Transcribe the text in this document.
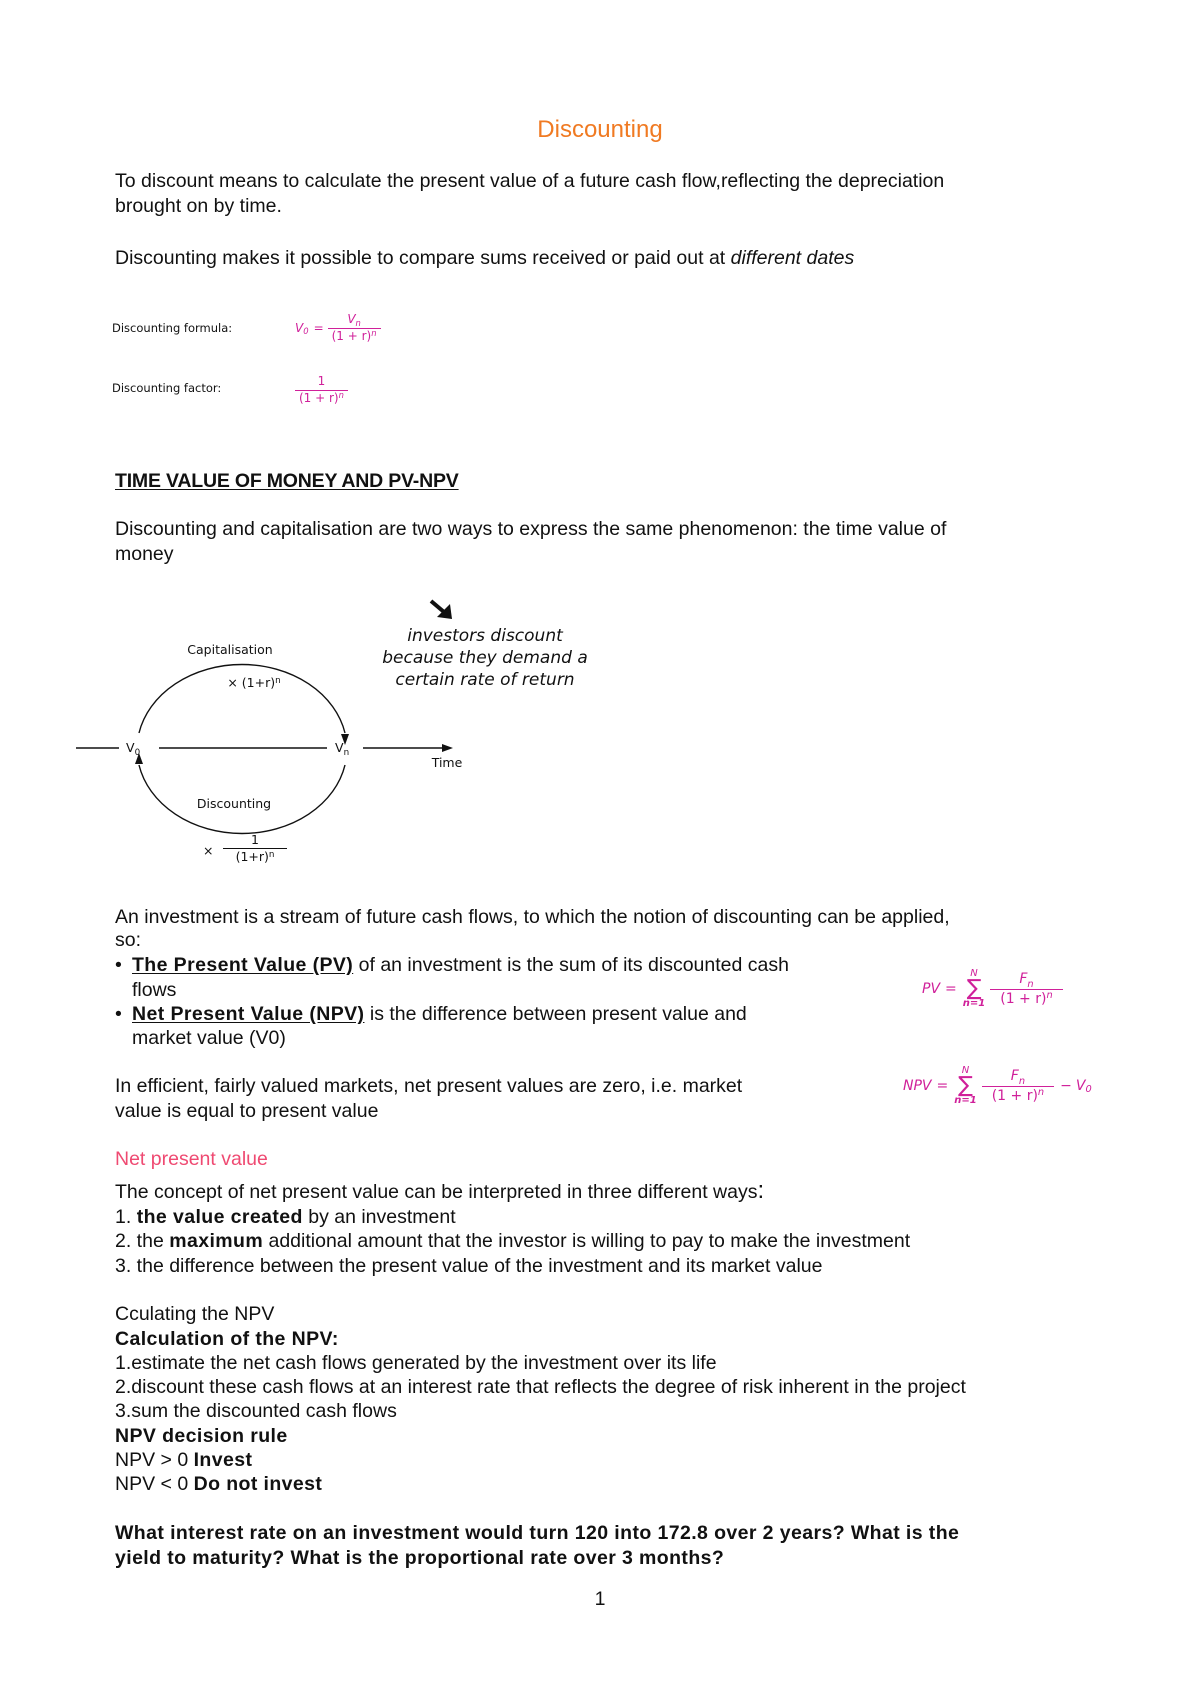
Discounting
To discount means to calculate the present value of a future cash flow,reflecting the depreciation
brought on by time.
Discounting makes it possible to compare sums received or paid out at different dates
Discounting formula:	V $0 = \frac{V_n}{(1 + r)^n}$
Discounting factor:	$\frac{1}{(1 + r)^n}$
TIME VALUE OF MONEY AND PV-NPV
Discounting and capitalisation are two ways to express the same phenomenon: the time value of
money
investors discount
because they demand a
certain rate of return
Capitalisation
× $(1+r)^n$
$V_0$	$V_n$
Time
Discounting
× $\frac{1}{(1+r)^n}$
An investment is a stream of future cash flows, to which the notion of discounting can be applied,
so:
•The Present Value (PV) of an investment is the sum of its discounted cash
flows
•Net Present Value (NPV) is the difference between present value and
market value (V0)
In efficient, fairly valued markets, net present values are zero, i.e. market
value is equal to present value
PV =
N
∑
$n=1 \frac{F_n}{(1 + r)^n}$
NPV =
N
∑
$n=1 \frac{F_n}{(1 + r)^n} - V$ 0
Net present value
The concept of net present value can be interpreted in three different ways:
1. the value created by an investment
2. the maximum additional amount that the investor is willing to pay to make the investment
3. the difference between the present value of the investment and its market value
Cculating the NPV
Calculation of the NPV:
1.estimate the net cash flows generated by the investment over its life
2.discount these cash flows at an interest rate that reflects the degree of risk inherent in the project
3.sum the discounted cash flows
NPV decision rule
NPV > 0 Invest
NPV < 0 Do not invest
What interest rate on an investment would turn 120 into 172.8 over 2 years? What is the
yield to maturity? What is the proportional rate over 3 months?
1
